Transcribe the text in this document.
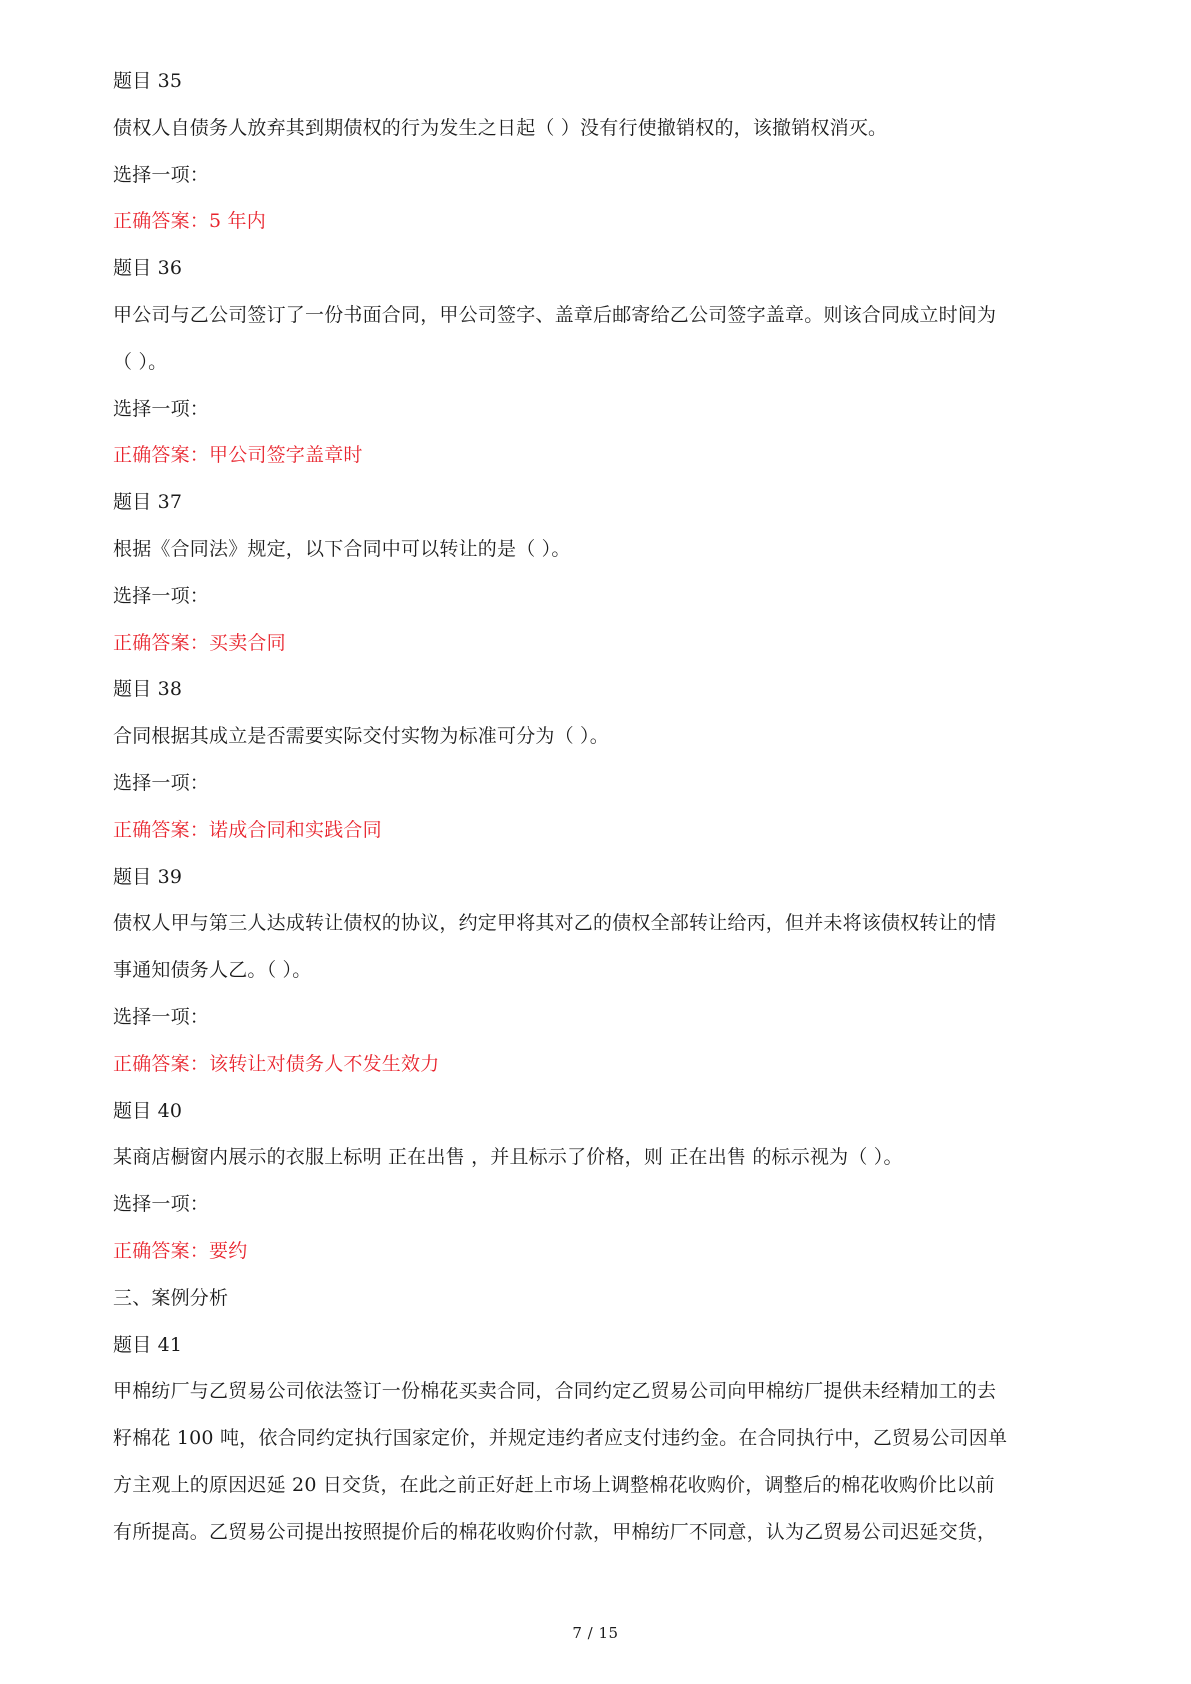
题目 35
债权人自债务人放弃其到期债权的行为发生之日起（ ）没有行使撤销权的，该撤销权消灭。
选择一项：
正确答案：5 年内
题目 36
甲公司与乙公司签订了一份书面合同，甲公司签字、盖章后邮寄给乙公司签字盖章。则该合同成立时间为
（ ）。
选择一项：
正确答案：甲公司签字盖章时
题目 37
根据《合同法》规定，以下合同中可以转让的是（ ）。
选择一项：
正确答案：买卖合同
题目 38
合同根据其成立是否需要实际交付实物为标准可分为（ ）。
选择一项：
正确答案：诺成合同和实践合同
题目 39
债权人甲与第三人达成转让债权的协议，约定甲将其对乙的债权全部转让给丙，但并未将该债权转让的情
事通知债务人乙。（ ）。
选择一项：
正确答案：该转让对债务人不发生效力
题目 40
某商店橱窗内展示的衣服上标明 正在出售 ，并且标示了价格，则 正在出售 的标示视为（ ）。
选择一项：
正确答案：要约
三、案例分析
题目 41
甲棉纺厂与乙贸易公司依法签订一份棉花买卖合同，合同约定乙贸易公司向甲棉纺厂提供未经精加工的去
籽棉花 100 吨，依合同约定执行国家定价，并规定违约者应支付违约金。在合同执行中，乙贸易公司因单
方主观上的原因迟延 20 日交货，在此之前正好赶上市场上调整棉花收购价，调整后的棉花收购价比以前
有所提高。乙贸易公司提出按照提价后的棉花收购价付款，甲棉纺厂不同意，认为乙贸易公司迟延交货，
7 / 15
